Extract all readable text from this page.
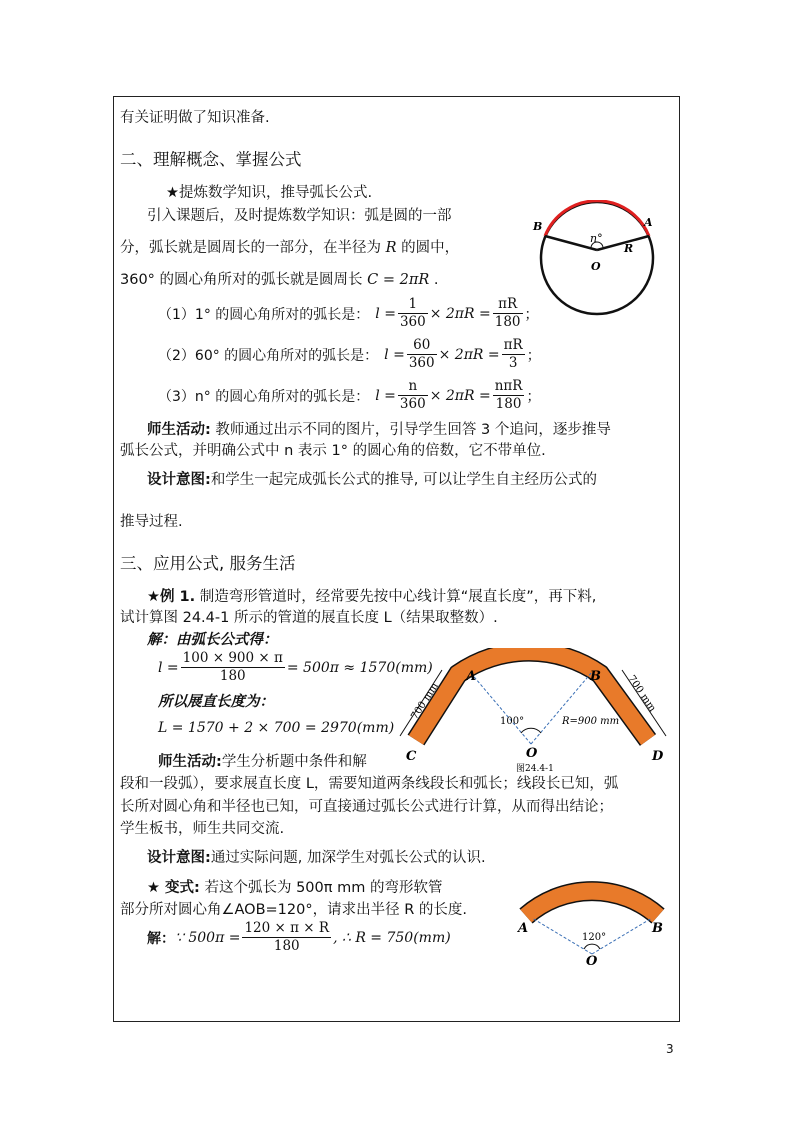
有关证明做了知识准备.
二、理解概念、掌握公式
★提炼数学知识，推导弧长公式.
引入课题后，及时提炼数学知识：弧是圆的一部
分，弧长就是圆周长的一部分，在半径为 R 的圆中，
360° 的圆心角所对的弧长就是圆周长 C = 2πR .
（1）1° 的圆心角所对的弧长是： $l = \frac{1}{360} \times 2\pi R = \frac{\pi R}{180}$ ；
（2）60° 的圆心角所对的弧长是： $l = \frac{60}{360} \times 2\pi R = \frac{\pi R}{3}$ ；
（3）n° 的圆心角所对的弧长是： $l = \frac{n}{360} \times 2\pi R = \frac{\text{nπR}}{180}$ ；
师生活动: 教师通过出示不同的图片，引导学生回答 3 个追问，逐步推导
弧长公式，并明确公式中 n 表示 1° 的圆心角的倍数，它不带单位.
设计意图:和学生一起完成弧长公式的推导, 可以让学生自主经历公式的
推导过程.
B	A
O
R
n°
三、应用公式, 服务生活
★例 1. 制造弯形管道时，经常要先按中心线计算“展直长度”，再下料,
试计算图 24.4-1 所示的管道的展直长度 L（结果取整数）.
解：由弧长公式得：
$l = \frac{100 \times 900 \times \pi}{180} = 500\pi \approx 1570(mm)$
所以展直长度为：
L = 1570 + 2 × 700 = 2970(mm)
师生活动:学生分析题中条件和解
段和一段弧），要求展直长度 L，需要知道两条线段长和弧长；线段长已知，弧
长所对圆心角和半径也已知，可直接通过弧长公式进行计算，从而得出结论；
学生板书，师生共同交流.
设计意图:通过实际问题, 加深学生对弧长公式的认识.
★ 变式: 若这个弧长为 500π mm 的弯形软管
部分所对圆心角∠AOB=120°，请求出半径 R 的长度.
解： ∵ $500\pi = \frac{120 \times \pi \times R}{180}$ , ∴ R = 750(mm)
700 mm	700 mm
A	B
C	D
O
100°	R=900 mm
图24.4-1
A	B
O
120°
3
